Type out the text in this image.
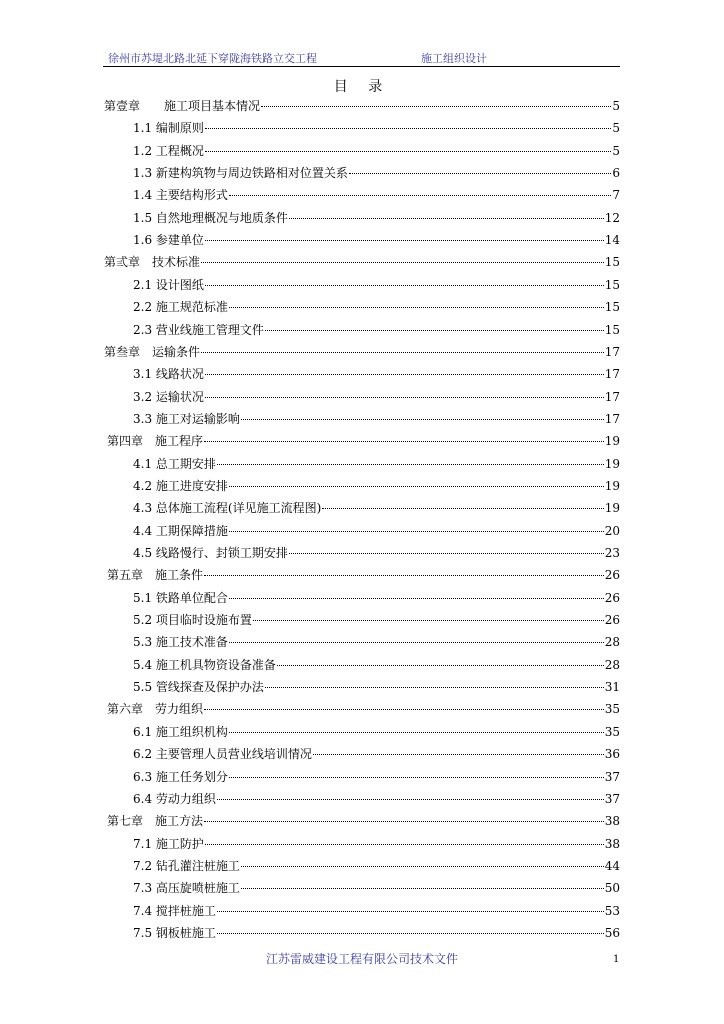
徐州市苏堤北路北延下穿陇海铁路立交工程	施工组织设计
目 录
第壹章　　施工项目基本情况	5
1.1 编制原则	5
1.2 工程概况	5
1.3 新建构筑物与周边铁路相对位置关系	6
1.4 主要结构形式	7
1.5 自然地理概况与地质条件	12
1.6 参建单位	14
第弎章　技术标准	15
2.1 设计图纸	15
2.2 施工规范标准	15
2.3 营业线施工管理文件	15
第叁章　运输条件	17
3.1 线路状况	17
3.2 运输状况	17
3.3 施工对运输影响	17
第四章　施工程序	19
4.1 总工期安排	19
4.2 施工进度安排	19
4.3 总体施工流程(详见施工流程图)	19
4.4 工期保障措施	20
4.5 线路慢行、封锁工期安排	23
第五章　施工条件	26
5.1 铁路单位配合	26
5.2 项目临时设施布置	26
5.3 施工技术准备	28
5.4 施工机具物资设备准备	28
5.5 管线探查及保护办法	31
第六章　劳力组织	35
6.1 施工组织机构	35
6.2 主要管理人员营业线培训情况	36
6.3 施工任务划分	37
6.4 劳动力组织	37
第七章　施工方法	38
7.1 施工防护	38
7.2 钻孔灌注桩施工	44
7.3 高压旋喷桩施工	50
7.4 搅拌桩施工	53
7.5 钢板桩施工	56
江苏雷威建设工程有限公司技术文件	1
